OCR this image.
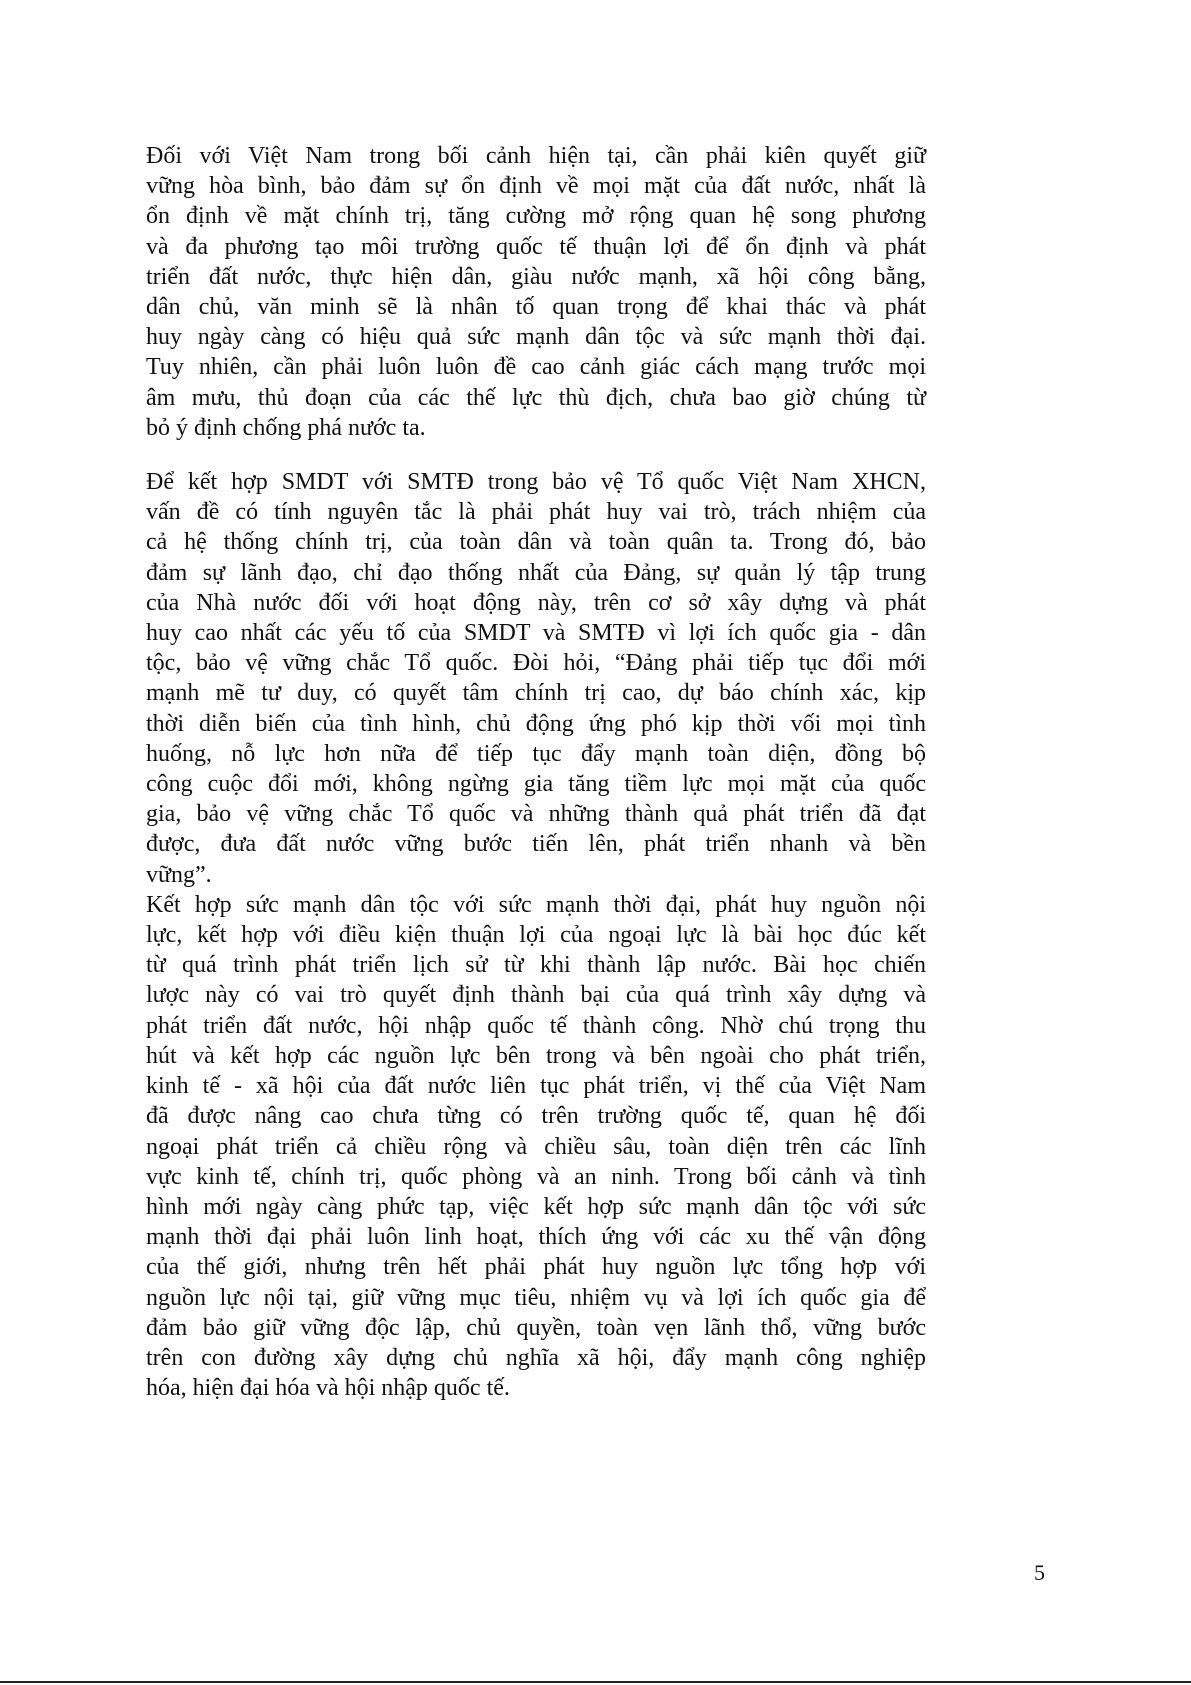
Đối với Việt Nam trong bối cảnh hiện tại, cần phải kiên quyết giữ
vững hòa bình, bảo đảm sự ổn định về mọi mặt của đất nước, nhất là
ổn định về mặt chính trị, tăng cường mở rộng quan hệ song phương
và đa phương tạo môi trường quốc tế thuận lợi để ổn định và phát
triển đất nước, thực hiện dân, giàu nước mạnh, xã hội công bằng,
dân chủ, văn minh sẽ là nhân tố quan trọng để khai thác và phát
huy ngày càng có hiệu quả sức mạnh dân tộc và sức mạnh thời đại.
Tuy nhiên, cần phải luôn luôn đề cao cảnh giác cách mạng trước mọi
âm mưu, thủ đoạn của các thế lực thù địch, chưa bao giờ chúng từ
bỏ ý định chống phá nước ta.

Để kết hợp SMDT với SMTĐ trong bảo vệ Tổ quốc Việt Nam XHCN,
vấn đề có tính nguyên tắc là phải phát huy vai trò, trách nhiệm của
cả hệ thống chính trị, của toàn dân và toàn quân ta. Trong đó, bảo
đảm sự lãnh đạo, chỉ đạo thống nhất của Đảng, sự quản lý tập trung
của Nhà nước đối với hoạt động này, trên cơ sở xây dựng và phát
huy cao nhất các yếu tố của SMDT và SMTĐ vì lợi ích quốc gia - dân
tộc, bảo vệ vững chắc Tổ quốc. Đòi hỏi, “Đảng phải tiếp tục đổi mới
mạnh mẽ tư duy, có quyết tâm chính trị cao, dự báo chính xác, kịp
thời diễn biến của tình hình, chủ động ứng phó kịp thời vối mọi tình
huống, nỗ lực hơn nữa để tiếp tục đẩy mạnh toàn diện, đồng bộ
công cuộc đổi mới, không ngừng gia tăng tiềm lực mọi mặt của quốc
gia, bảo vệ vững chắc Tổ quốc và những thành quả phát triển đã đạt
được, đưa đất nước vững bước tiến lên, phát triển nhanh và bền
vững”.

Kết hợp sức mạnh dân tộc với sức mạnh thời đại, phát huy nguồn nội
lực, kết hợp với điều kiện thuận lợi của ngoại lực là bài học đúc kết
từ quá trình phát triển lịch sử từ khi thành lập nước. Bài học chiến
lược này có vai trò quyết định thành bại của quá trình xây dựng và
phát triển đất nước, hội nhập quốc tế thành công. Nhờ chú trọng thu
hút và kết hợp các nguồn lực bên trong và bên ngoài cho phát triển,
kinh tế - xã hội của đất nước liên tục phát triển, vị thế của Việt Nam
đã được nâng cao chưa từng có trên trường quốc tế, quan hệ đối
ngoại phát triển cả chiều rộng và chiều sâu, toàn diện trên các lĩnh
vực kinh tế, chính trị, quốc phòng và an ninh. Trong bối cảnh và tình
hình mới ngày càng phức tạp, việc kết hợp sức mạnh dân tộc với sức
mạnh thời đại phải luôn linh hoạt, thích ứng với các xu thế vận động
của thế giới, nhưng trên hết phải phát huy nguồn lực tổng hợp với
nguồn lực nội tại, giữ vững mục tiêu, nhiệm vụ và lợi ích quốc gia để
đảm bảo giữ vững độc lập, chủ quyền, toàn vẹn lãnh thổ, vững bước
trên con đường xây dựng chủ nghĩa xã hội, đẩy mạnh công nghiệp
hóa, hiện đại hóa và hội nhập quốc tế.

5
